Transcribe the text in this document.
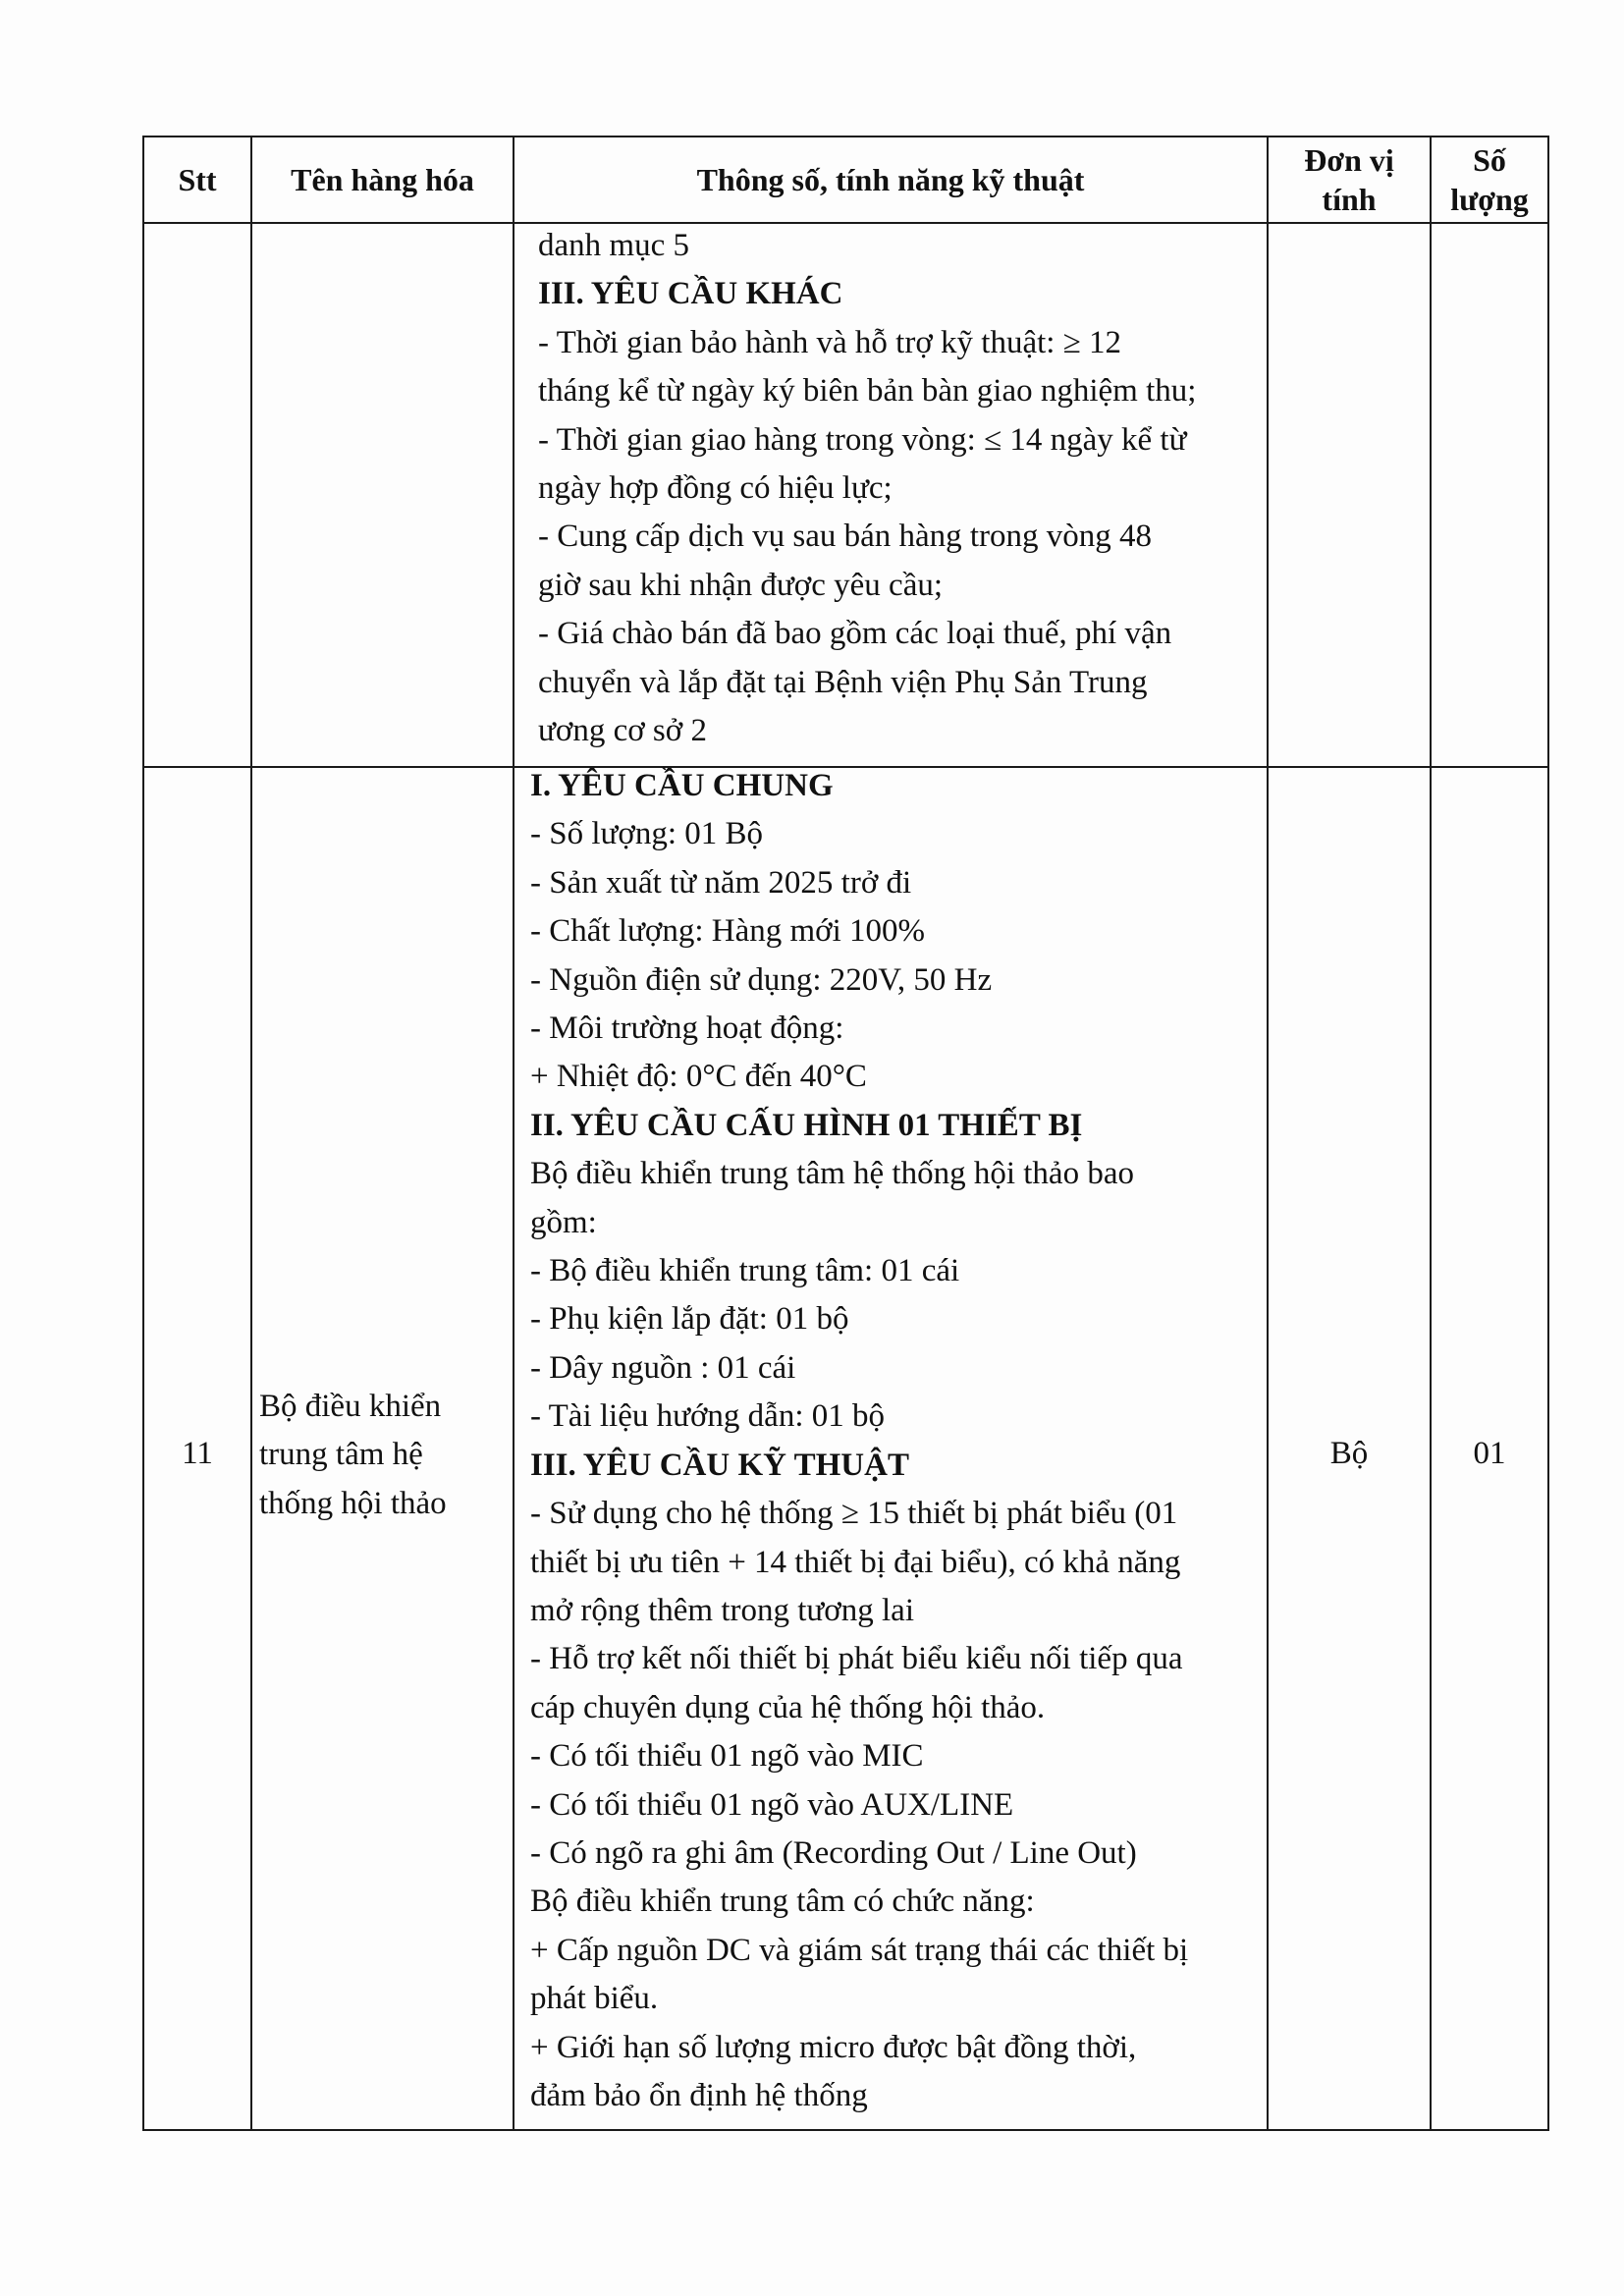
Stt Tên hàng hóa	Thông số, tính năng kỹ thuật
Đơn vị
tính
Số
lượng
danh mục 5
III. YÊU CẦU KHÁC
- Thời gian bảo hành và hỗ trợ kỹ thuật: ≥ 12
tháng kể từ ngày ký biên bản bàn giao nghiệm thu;
- Thời gian giao hàng trong vòng: ≤ 14 ngày kể từ
ngày hợp đồng có hiệu lực;
- Cung cấp dịch vụ sau bán hàng trong vòng 48
giờ sau khi nhận được yêu cầu;
- Giá chào bán đã bao gồm các loại thuế, phí vận
chuyển và lắp đặt tại Bệnh viện Phụ Sản Trung
ương cơ sở 2
11
Bộ điều khiển
trung tâm hệ
thống hội thảo
Bộ	01
I. YÊU CẦU CHUNG
- Số lượng: 01 Bộ
- Sản xuất từ năm 2025 trở đi
- Chất lượng: Hàng mới 100%
- Nguồn điện sử dụng: 220V, 50 Hz
- Môi trường hoạt động:
+ Nhiệt độ: 0°C đến 40°C
II. YÊU CẦU CẤU HÌNH 01 THIẾT BỊ
Bộ điều khiển trung tâm hệ thống hội thảo bao
gồm:
- Bộ điều khiển trung tâm: 01 cái
- Phụ kiện lắp đặt: 01 bộ
- Dây nguồn : 01 cái
- Tài liệu hướng dẫn: 01 bộ
III. YÊU CẦU KỸ THUẬT
- Sử dụng cho hệ thống ≥ 15 thiết bị phát biểu (01
thiết bị ưu tiên + 14 thiết bị đại biểu), có khả năng
mở rộng thêm trong tương lai
- Hỗ trợ kết nối thiết bị phát biểu kiểu nối tiếp qua
cáp chuyên dụng của hệ thống hội thảo.
- Có tối thiểu 01 ngõ vào MIC
- Có tối thiểu 01 ngõ vào AUX/LINE
- Có ngõ ra ghi âm (Recording Out / Line Out)
Bộ điều khiển trung tâm có chức năng:
+ Cấp nguồn DC và giám sát trạng thái các thiết bị
phát biểu.
+ Giới hạn số lượng micro được bật đồng thời,
đảm bảo ổn định hệ thống
